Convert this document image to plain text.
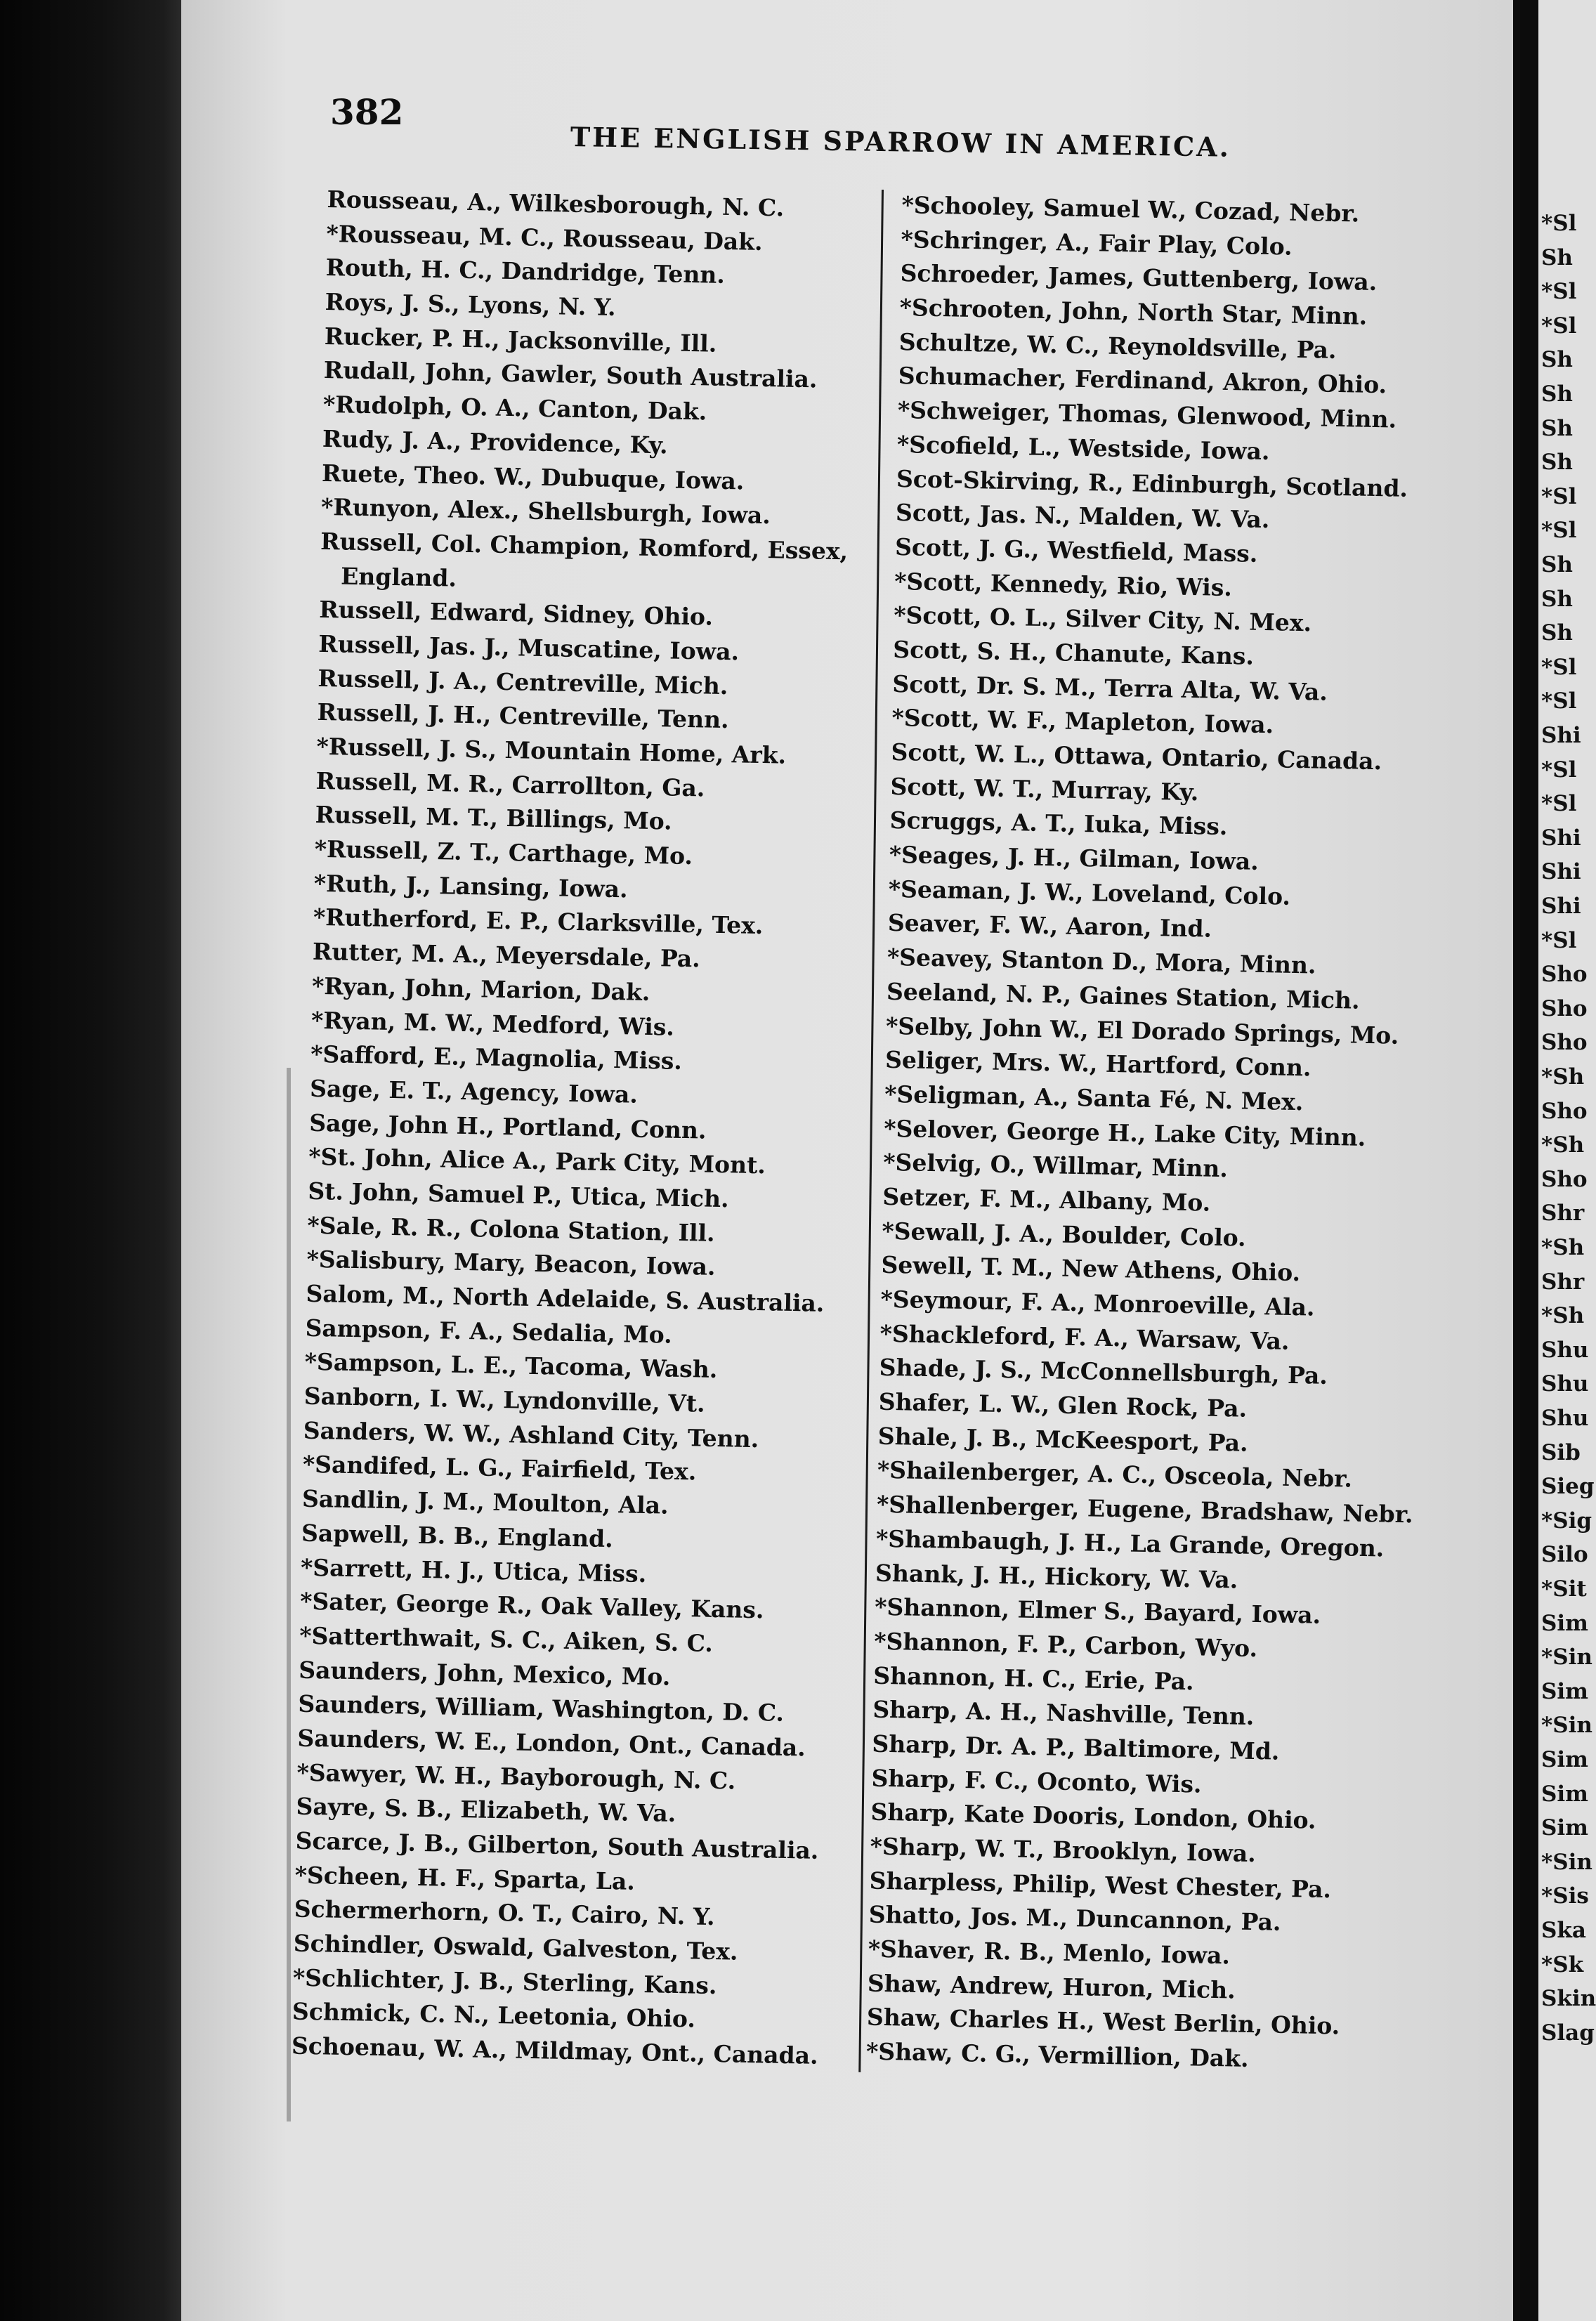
382
THE ENGLISH SPARROW IN AMERICA.
Rousseau, A., Wilkesborough, N. C.
*Rousseau, M. C., Rousseau, Dak.
Routh, H. C., Dandridge, Tenn.
Roys, J. S., Lyons, N. Y.
Rucker, P. H., Jacksonville, Ill.
Rudall, John, Gawler, South Australia.
*Rudolph, O. A., Canton, Dak.
Rudy, J. A., Providence, Ky.
Ruete, Theo. W., Dubuque, Iowa.
*Runyon, Alex., Shellsburgh, Iowa.
Russell, Col. Champion, Romford, Essex,
England.
Russell, Edward, Sidney, Ohio.
Russell, Jas. J., Muscatine, Iowa.
Russell, J. A., Centreville, Mich.
Russell, J. H., Centreville, Tenn.
*Russell, J. S., Mountain Home, Ark.
Russell, M. R., Carrollton, Ga.
Russell, M. T., Billings, Mo.
*Russell, Z. T., Carthage, Mo.
*Ruth, J., Lansing, Iowa.
*Rutherford, E. P., Clarksville, Tex.
Rutter, M. A., Meyersdale, Pa.
*Ryan, John, Marion, Dak.
*Ryan, M. W., Medford, Wis.
*Safford, E., Magnolia, Miss.
Sage, E. T., Agency, Iowa.
Sage, John H., Portland, Conn.
*St. John, Alice A., Park City, Mont.
St. John, Samuel P., Utica, Mich.
*Sale, R. R., Colona Station, Ill.
*Salisbury, Mary, Beacon, Iowa.
Salom, M., North Adelaide, S. Australia.
Sampson, F. A., Sedalia, Mo.
*Sampson, L. E., Tacoma, Wash.
Sanborn, I. W., Lyndonville, Vt.
Sanders, W. W., Ashland City, Tenn.
*Sandifed, L. G., Fairfield, Tex.
Sandlin, J. M., Moulton, Ala.
Sapwell, B. B., England.
*Sarrett, H. J., Utica, Miss.
*Sater, George R., Oak Valley, Kans.
*Satterthwait, S. C., Aiken, S. C.
Saunders, John, Mexico, Mo.
Saunders, William, Washington, D. C.
Saunders, W. E., London, Ont., Canada.
*Sawyer, W. H., Bayborough, N. C.
Sayre, S. B., Elizabeth, W. Va.
Scarce, J. B., Gilberton, South Australia.
*Scheen, H. F., Sparta, La.
Schermerhorn, O. T., Cairo, N. Y.
Schindler, Oswald, Galveston, Tex.
*Schlichter, J. B., Sterling, Kans.
Schmick, C. N., Leetonia, Ohio.
Schoenau, W. A., Mildmay, Ont., Canada.
*Schooley, Samuel W., Cozad, Nebr.
*Schringer, A., Fair Play, Colo.
Schroeder, James, Guttenberg, Iowa.
*Schrooten, John, North Star, Minn.
Schultze, W. C., Reynoldsville, Pa.
Schumacher, Ferdinand, Akron, Ohio.
*Schweiger, Thomas, Glenwood, Minn.
*Scofield, L., Westside, Iowa.
Scot-Skirving, R., Edinburgh, Scotland.
Scott, Jas. N., Malden, W. Va.
Scott, J. G., Westfield, Mass.
*Scott, Kennedy, Rio, Wis.
*Scott, O. L., Silver City, N. Mex.
Scott, S. H., Chanute, Kans.
Scott, Dr. S. M., Terra Alta, W. Va.
*Scott, W. F., Mapleton, Iowa.
Scott, W. L., Ottawa, Ontario, Canada.
Scott, W. T., Murray, Ky.
Scruggs, A. T., Iuka, Miss.
*Seages, J. H., Gilman, Iowa.
*Seaman, J. W., Loveland, Colo.
Seaver, F. W., Aaron, Ind.
*Seavey, Stanton D., Mora, Minn.
Seeland, N. P., Gaines Station, Mich.
*Selby, John W., El Dorado Springs, Mo.
Seliger, Mrs. W., Hartford, Conn.
*Seligman, A., Santa Fé, N. Mex.
*Selover, George H., Lake City, Minn.
*Selvig, O., Willmar, Minn.
Setzer, F. M., Albany, Mo.
*Sewall, J. A., Boulder, Colo.
Sewell, T. M., New Athens, Ohio.
*Seymour, F. A., Monroeville, Ala.
*Shackleford, F. A., Warsaw, Va.
Shade, J. S., McConnellsburgh, Pa.
Shafer, L. W., Glen Rock, Pa.
Shale, J. B., McKeesport, Pa.
*Shailenberger, A. C., Osceola, Nebr.
*Shallenberger, Eugene, Bradshaw, Nebr.
*Shambaugh, J. H., La Grande, Oregon.
Shank, J. H., Hickory, W. Va.
*Shannon, Elmer S., Bayard, Iowa.
*Shannon, F. P., Carbon, Wyo.
Shannon, H. C., Erie, Pa.
Sharp, A. H., Nashville, Tenn.
Sharp, Dr. A. P., Baltimore, Md.
Sharp, F. C., Oconto, Wis.
Sharp, Kate Dooris, London, Ohio.
*Sharp, W. T., Brooklyn, Iowa.
Sharpless, Philip, West Chester, Pa.
Shatto, Jos. M., Duncannon, Pa.
*Shaver, R. B., Menlo, Iowa.
Shaw, Andrew, Huron, Mich.
Shaw, Charles H., West Berlin, Ohio.
*Shaw, C. G., Vermillion, Dak.
*Sl
Sh
*Sl
*Sl
Sh
Sh
Sh
Sh
*Sl
*Sl
Sh
Sh
Sh
*Sl
*Sl
Shi
*Sl
*Sl
Shi
Shi
Shi
*Sl
Sho
Sho
Sho
*Sh
Sho
*Sh
Sho
Shr
*Sh
Shr
*Sh
Shu
Shu
Shu
Sib
Sieg
*Sig
Silo
*Sit
Sim
*Sin
Sim
*Sin
Sim
Sim
Sim
*Sin
*Sis
Ska
*Sk
Skin
Slag
